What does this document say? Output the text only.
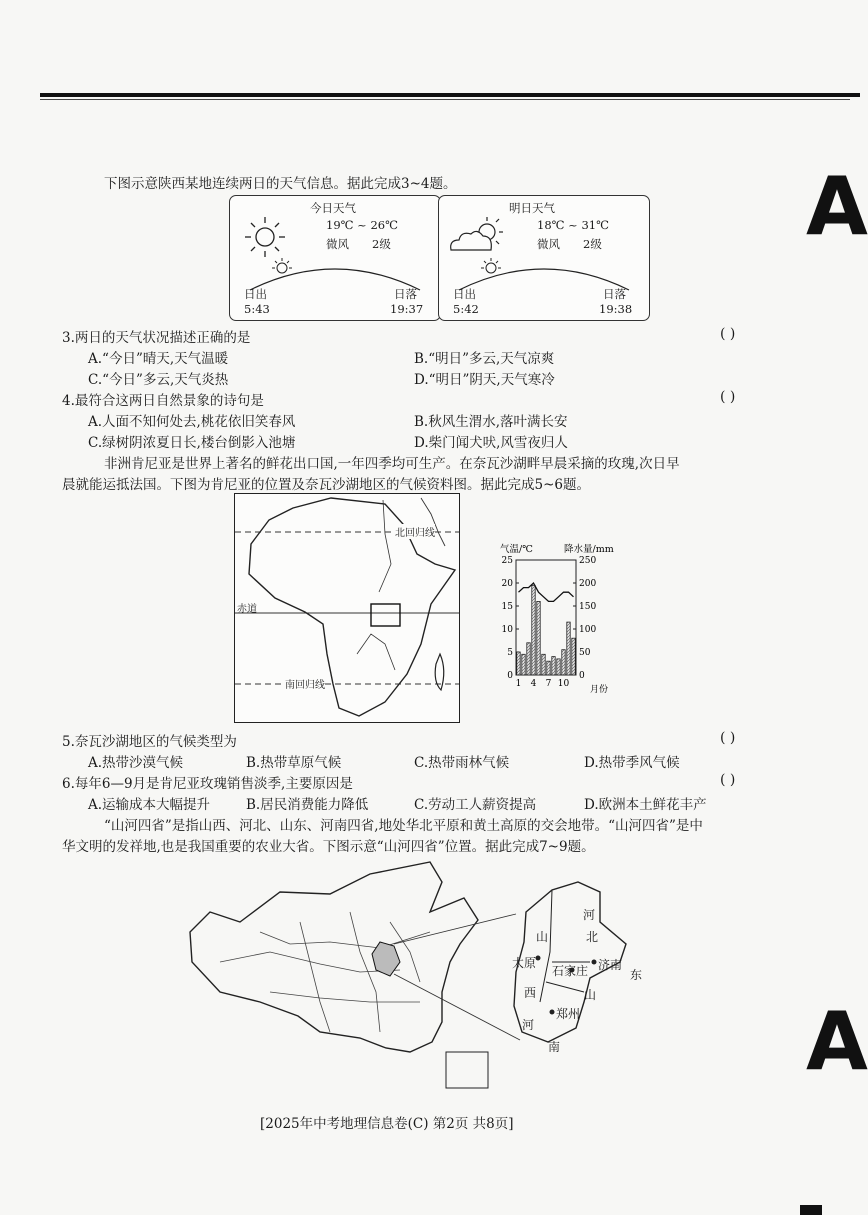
A
A
下图示意陕西某地连续两日的天气信息。据此完成3~4题。
今日天气
19℃ ~ 26℃
微风 2级
日出
5:43
日落
19:37
明日天气
18℃ ~ 31℃
微风 2级
日出
5:42
日落
19:38
3.两日的天气状况描述正确的是	( )
A.“今日”晴天,天气温暖	B.“明日”多云,天气凉爽
C.“今日”多云,天气炎热	D.“明日”阴天,天气寒冷
4.最符合这两日自然景象的诗句是	( )
A.人面不知何处去,桃花依旧笑春风	B.秋风生渭水,落叶满长安
C.绿树阴浓夏日长,楼台倒影入池塘	D.柴门闻犬吠,风雪夜归人
非洲肯尼亚是世界上著名的鲜花出口国,一年四季均可生产。在奈瓦沙湖畔早晨采摘的玫瑰,次日早
晨就能运抵法国。下图为肯尼亚的位置及奈瓦沙湖地区的气候资料图。据此完成5~6题。
北回归线
赤道
南回归线
气温/℃	降水量/mm
0
5
10
15
20
25
0
50
100
150
200
250
1 4 7 10
月份
5.奈瓦沙湖地区的气候类型为	( )
A.热带沙漠气候	B.热带草原气候	C.热带雨林气候	D.热带季风气候
6.每年6—9月是肯尼亚玫瑰销售淡季,主要原因是	( )
A.运输成本大幅提升	B.居民消费能力降低	C.劳动工人薪资提高	D.欧洲本土鲜花丰产
“山河四省”是指山西、河北、山东、河南四省,地处华北平原和黄土高原的交会地带。“山河四省”是中
华文明的发祥地,也是我国重要的农业大省。下图示意“山河四省”位置。据此完成7~9题。
河
山	北
太原
石家庄 济南
东
西	山
郑州
河
南
[2025年中考地理信息卷(C) 第2页 共8页]
